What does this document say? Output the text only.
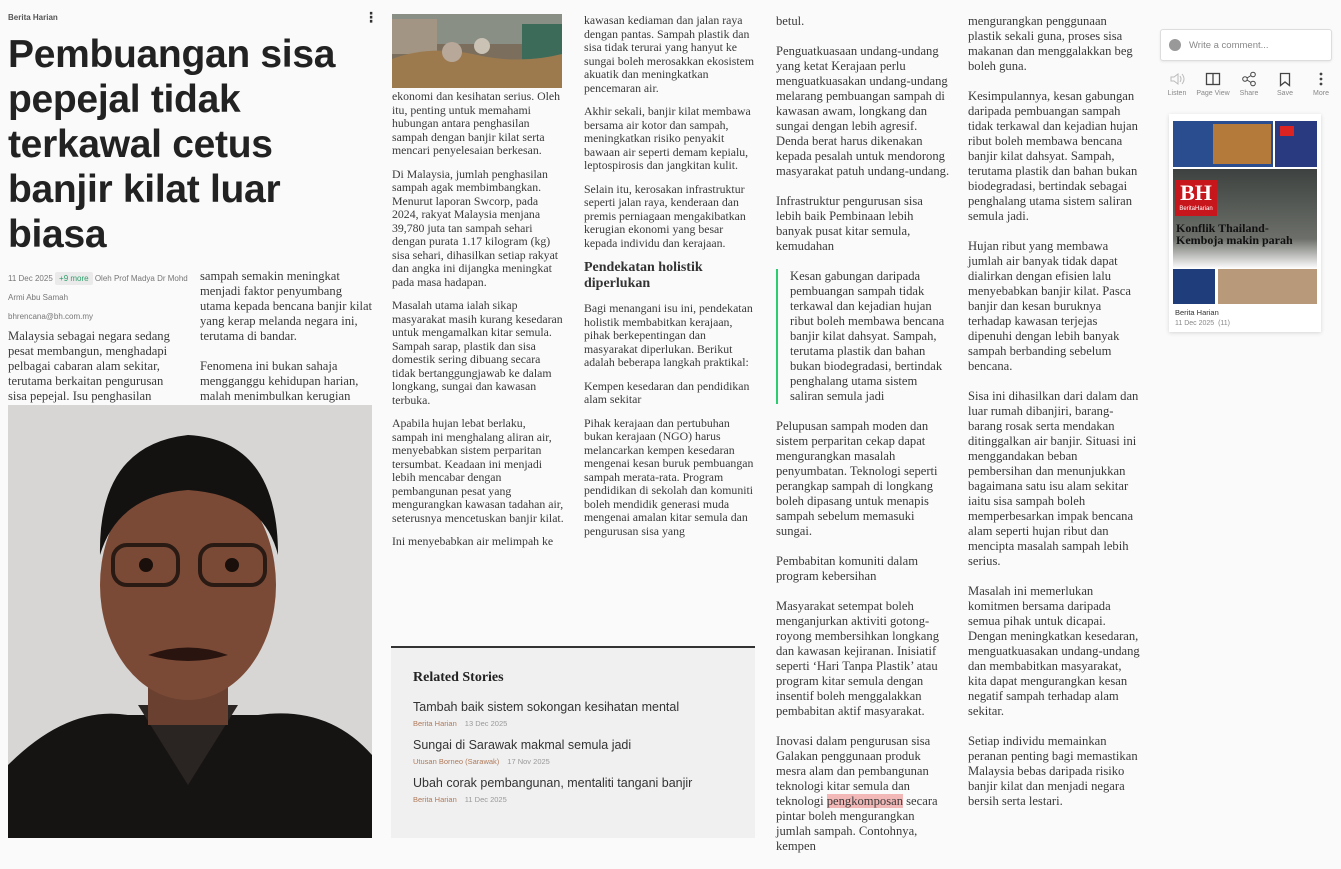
Berita Harian	⋮
Pembuangan sisa pepejal tidak terkawal cetus banjir kilat luar biasa
11 Dec 2025 +9 more Oleh Prof Madya Dr Mohd Armi Abu Samah
bhrencana@bh.com.my

Malaysia sebagai negara sedang pesat membangun, menghadapi pelbagai cabaran alam sekitar, terutama berkaitan pengurusan sisa pepejal. Isu penghasilan

sampah semakin meningkat menjadi faktor penyumbang utama kepada bencana banjir kilat yang kerap melanda negara ini, terutama di bandar.

Fenomena ini bukan sahaja mengganggu kehidupan harian, malah menimbulkan kerugian

ekonomi dan kesihatan serius. Oleh itu, penting untuk memahami hubungan antara penghasilan sampah dengan banjir kilat serta mencari penyelesaian berkesan.

Di Malaysia, jumlah penghasilan sampah agak membimbangkan. Menurut laporan Swcorp, pada 2024, rakyat Malaysia menjana 39,780 juta tan sampah sehari dengan purata 1.17 kilogram (kg) sisa sehari, dihasilkan setiap rakyat dan angka ini dijangka meningkat pada masa hadapan.

Masalah utama ialah sikap masyarakat masih kurang kesedaran untuk mengamalkan kitar semula. Sampah sarap, plastik dan sisa domestik sering dibuang secara tidak bertanggungjawab ke dalam longkang, sungai dan kawasan terbuka.

Apabila hujan lebat berlaku, sampah ini menghalang aliran air, menyebabkan sistem perparitan tersumbat. Keadaan ini menjadi lebih mencabar dengan pembangunan pesat yang mengurangkan kawasan tadahan air, seterusnya mencetuskan banjir kilat.

Ini menyebabkan air melimpah ke

kawasan kediaman dan jalan raya dengan pantas. Sampah plastik dan sisa tidak terurai yang hanyut ke sungai boleh merosakkan ekosistem akuatik dan meningkatkan pencemaran air.

Akhir sekali, banjir kilat membawa bersama air kotor dan sampah, meningkatkan risiko penyakit bawaan air seperti demam kepialu, leptospirosis dan jangkitan kulit.

Selain itu, kerosakan infrastruktur seperti jalan raya, kenderaan dan premis perniagaan mengakibatkan kerugian ekonomi yang besar kepada individu dan kerajaan.

Pendekatan holistik diperlukan

Bagi menangani isu ini, pendekatan holistik membabitkan kerajaan, pihak berkepentingan dan masyarakat diperlukan. Berikut adalah beberapa langkah praktikal:

Kempen kesedaran dan pendidikan alam sekitar

Pihak kerajaan dan pertubuhan bukan kerajaan (NGO) harus melancarkan kempen kesedaran mengenai kesan buruk pembuangan sampah merata-rata. Program pendidikan di sekolah dan komuniti boleh mendidik generasi muda mengenai amalan kitar semula dan pengurusan sisa yang

betul.

Penguatkuasaan undang-undang yang ketat Kerajaan perlu menguatkuasakan undang-undang melarang pembuangan sampah di kawasan awam, longkang dan sungai dengan lebih agresif. Denda berat harus dikenakan kepada pesalah untuk mendorong masyarakat patuh undang-undang.

Infrastruktur pengurusan sisa lebih baik Pembinaan lebih banyak pusat kitar semula, kemudahan

Kesan gabungan daripada pembuangan sampah tidak terkawal dan kejadian hujan ribut boleh membawa bencana banjir kilat dahsyat. Sampah, terutama plastik dan bahan bukan biodegradasi, bertindak penghalang utama sistem saliran semula jadi

Pelupusan sampah moden dan sistem perparitan cekap dapat mengurangkan masalah penyumbatan. Teknologi seperti perangkap sampah di longkang boleh dipasang untuk menapis sampah sebelum memasuki sungai.

Pembabitan komuniti dalam program kebersihan

Masyarakat setempat boleh menganjurkan aktiviti gotong-royong membersihkan longkang dan kawasan kejiranan. Inisiatif seperti ‘Hari Tanpa Plastik’ atau program kitar semula dengan insentif boleh menggalakkan pembabitan aktif masyarakat.

Inovasi dalam pengurusan sisa Galakan penggunaan produk mesra alam dan pembangunan teknologi kitar semula dan teknologi pengkomposan secara pintar boleh mengurangkan jumlah sampah. Contohnya, kempen

mengurangkan penggunaan plastik sekali guna, proses sisa makanan dan menggalakkan beg boleh guna.

Kesimpulannya, kesan gabungan daripada pembuangan sampah tidak terkawal dan kejadian hujan ribut boleh membawa bencana banjir kilat dahsyat. Sampah, terutama plastik dan bahan bukan biodegradasi, bertindak sebagai penghalang utama sistem saliran semula jadi.

Hujan ribut yang membawa jumlah air banyak tidak dapat dialirkan dengan efisien lalu menyebabkan banjir kilat. Pasca banjir dan kesan buruknya terhadap kawasan terjejas dipenuhi dengan lebih banyak sampah berbanding sebelum bencana.

Sisa ini dihasilkan dari dalam dan luar rumah dibanjiri, barang-barang rosak serta mendakan ditinggalkan air banjir. Situasi ini menggandakan beban pembersihan dan menunjukkan bagaimana satu isu alam sekitar iaitu sisa sampah boleh memperbesarkan impak bencana alam seperti hujan ribut dan mencipta masalah sampah lebih serius.

Masalah ini memerlukan komitmen bersama daripada semua pihak untuk dicapai. Dengan meningkatkan kesedaran, menguatkuasakan undang-undang dan membabitkan masyarakat, kita dapat mengurangkan kesan negatif sampah terhadap alam sekitar.

Setiap individu memainkan peranan penting bagi memastikan Malaysia bebas daripada risiko banjir kilat dan menjadi negara bersih serta lestari.

Related Stories
Tambah baik sistem sokongan kesihatan mental
Berita Harian 13 Dec 2025
Sungai di Sarawak makmal semula jadi
Utusan Borneo (Sarawak) 17 Nov 2025
Ubah corak pembangunan, mentaliti tangani banjir
Berita Harian 11 Dec 2025
Write a comment...
Listen	Page View	Share	Save	More
BH
BeritaHarian
Konflik Thailand-Kemboja makin parah
Berita Harian
11 Dec 2025 (11)
